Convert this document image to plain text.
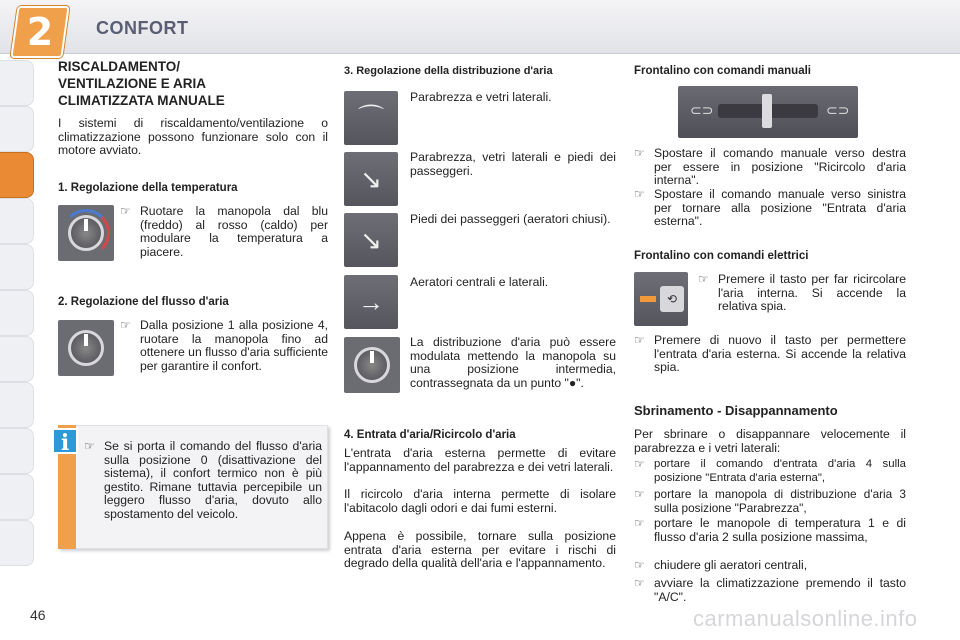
2	CONFORT
RISCALDAMENTO/
VENTILAZIONE E ARIA
CLIMATIZZATA MANUALE

I sistemi di riscaldamento/ventilazione o climatizzazione possono funzionare solo con il motore avviato.

1. Regolazione della temperatura
☞ Ruotare la manopola dal blu (freddo) al rosso (caldo) per modulare la temperatura a piacere.
2. Regolazione del flusso d'aria
☞ Dalla posizione 1 alla posizione 4, ruotare la manopola fino ad ottenere un flusso d'aria sufficiente per garantire il confort.
i	☞ Se si porta il comando del flusso d'aria sulla posizione 0 (disattivazione del sistema), il confort termico non è più gestito. Rimane tuttavia percepibile un leggero flusso d'aria, dovuto allo spostamento del veicolo.
3. Regolazione della distribuzione d'aria
⌒

Parabrezza e vetri laterali.

↘

Parabrezza, vetri laterali e piedi dei passeggeri.

↘

Piedi dei passeggeri (aeratori chiusi).

→

Aeratori centrali e laterali.

La distribuzione d'aria può essere modulata mettendo la manopola su una posizione intermedia, contrassegnata da un punto "●".

4. Entrata d'aria/Ricircolo d'aria

L'entrata d'aria esterna permette di evitare l'appannamento del parabrezza e dei vetri laterali.

Il ricircolo d'aria interna permette di isolare l'abitacolo dagli odori e dai fumi esterni.

Appena è possibile, tornare sulla posizione entrata d'aria esterna per evitare i rischi di degrado della qualità dell'aria e l'appannamento.

Frontalino con comandi manuali
⊂⊃	⊂⊃
☞ Spostare il comando manuale verso destra per essere in posizione "Ricircolo d'aria interna".
☞ Spostare il comando manuale verso sinistra per tornare alla posizione "Entrata d'aria esterna".
Frontalino con comandi elettrici
⟲
☞ Premere il tasto per far ricircolare l'aria interna. Si accende la relativa spia.
☞ Premere di nuovo il tasto per permettere l'entrata d'aria esterna. Si accende la relativa spia.
Sbrinamento - Disappannamento

Per sbrinare o disappannare velocemente il parabrezza e i vetri laterali:

☞ portare il comando d'entrata d'aria 4 sulla posizione "Entrata d'aria esterna",
☞ portare la manopola di distribuzione d'aria 3 sulla posizione "Parabrezza",
☞ portare le manopole di temperatura 1 e di flusso d'aria 2 sulla posizione massima,
☞ chiudere gli aeratori centrali,
☞ avviare la climatizzazione premendo il tasto "A/C".
46	carmanualsonline.info
